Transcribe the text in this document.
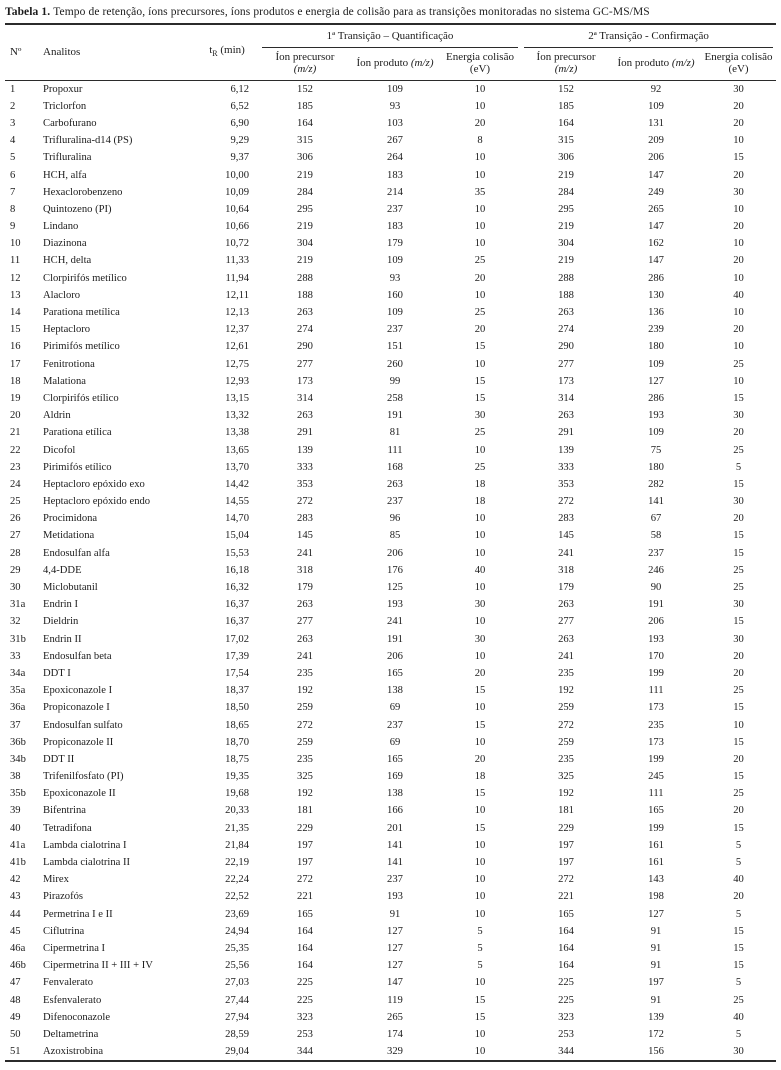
Tabela 1. Tempo de retenção, íons precursores, íons produtos e energia de colisão para as transições monitoradas no sistema GC-MS/MS
Nº	Analitos	$t_R$ (min)	1ª Transição – Quantificação			2ª Transição - Confirmação		

Íon precursor
(m/z)
	Íon produto (m/z)	
Energia colisão
(eV)

Íon precursor
(m/z)
	Íon produto (m/z)	
Energia colisão
(eV)

1	Propoxur	6,12	152	109	10	152	92	30
2	Triclorfon	6,52	185	93	10	185	109	20
3	Carbofurano	6,90	164	103	20	164	131	20
4	Trifluralina-d14 (PS)	9,29	315	267	8	315	209	10
5	Trifluralina	9,37	306	264	10	306	206	15
6	HCH, alfa	10,00	219	183	10	219	147	20
7	Hexaclorobenzeno	10,09	284	214	35	284	249	30
8	Quintozeno (PI)	10,64	295	237	10	295	265	10
9	Lindano	10,66	219	183	10	219	147	20
10	Diazinona	10,72	304	179	10	304	162	10
11	HCH, delta	11,33	219	109	25	219	147	20
12	Clorpirifós metílico	11,94	288	93	20	288	286	10
13	Alacloro	12,11	188	160	10	188	130	40
14	Parationa metílica	12,13	263	109	25	263	136	10
15	Heptacloro	12,37	274	237	20	274	239	20
16	Pirimifós metílico	12,61	290	151	15	290	180	10
17	Fenitrotiona	12,75	277	260	10	277	109	25
18	Malationa	12,93	173	99	15	173	127	10
19	Clorpirifós etílico	13,15	314	258	15	314	286	15
20	Aldrin	13,32	263	191	30	263	193	30
21	Parationa etílica	13,38	291	81	25	291	109	20
22	Dicofol	13,65	139	111	10	139	75	25
23	Pirimifós etílico	13,70	333	168	25	333	180	5
24	Heptacloro epóxido exo	14,42	353	263	18	353	282	15
25	Heptacloro epóxido endo	14,55	272	237	18	272	141	30
26	Procimidona	14,70	283	96	10	283	67	20
27	Metidationa	15,04	145	85	10	145	58	15
28	Endosulfan alfa	15,53	241	206	10	241	237	15
29	4,4-DDE	16,18	318	176	40	318	246	25
30	Miclobutanil	16,32	179	125	10	179	90	25
31a	Endrin I	16,37	263	193	30	263	191	30
32	Dieldrin	16,37	277	241	10	277	206	15
31b	Endrin II	17,02	263	191	30	263	193	30
33	Endosulfan beta	17,39	241	206	10	241	170	20
34a	DDT I	17,54	235	165	20	235	199	20
35a	Epoxiconazole I	18,37	192	138	15	192	111	25
36a	Propiconazole I	18,50	259	69	10	259	173	15
37	Endosulfan sulfato	18,65	272	237	15	272	235	10
36b	Propiconazole II	18,70	259	69	10	259	173	15
34b	DDT II	18,75	235	165	20	235	199	20
38	Trifenilfosfato (PI)	19,35	325	169	18	325	245	15
35b	Epoxiconazole II	19,68	192	138	15	192	111	25
39	Bifentrina	20,33	181	166	10	181	165	20
40	Tetradifona	21,35	229	201	15	229	199	15
41a	Lambda cialotrina I	21,84	197	141	10	197	161	5
41b	Lambda cialotrina II	22,19	197	141	10	197	161	5
42	Mirex	22,24	272	237	10	272	143	40
43	Pirazofós	22,52	221	193	10	221	198	20
44	Permetrina I e II	23,69	165	91	10	165	127	5
45	Ciflutrina	24,94	164	127	5	164	91	15
46a	Cipermetrina I	25,35	164	127	5	164	91	15
46b	Cipermetrina II + III + IV	25,56	164	127	5	164	91	15
47	Fenvalerato	27,03	225	147	10	225	197	5
48	Esfenvalerato	27,44	225	119	15	225	91	25
49	Difenoconazole	27,94	323	265	15	323	139	40
50	Deltametrina	28,59	253	174	10	253	172	5
51	Azoxistrobina	29,04	344	329	10	344	156	30
